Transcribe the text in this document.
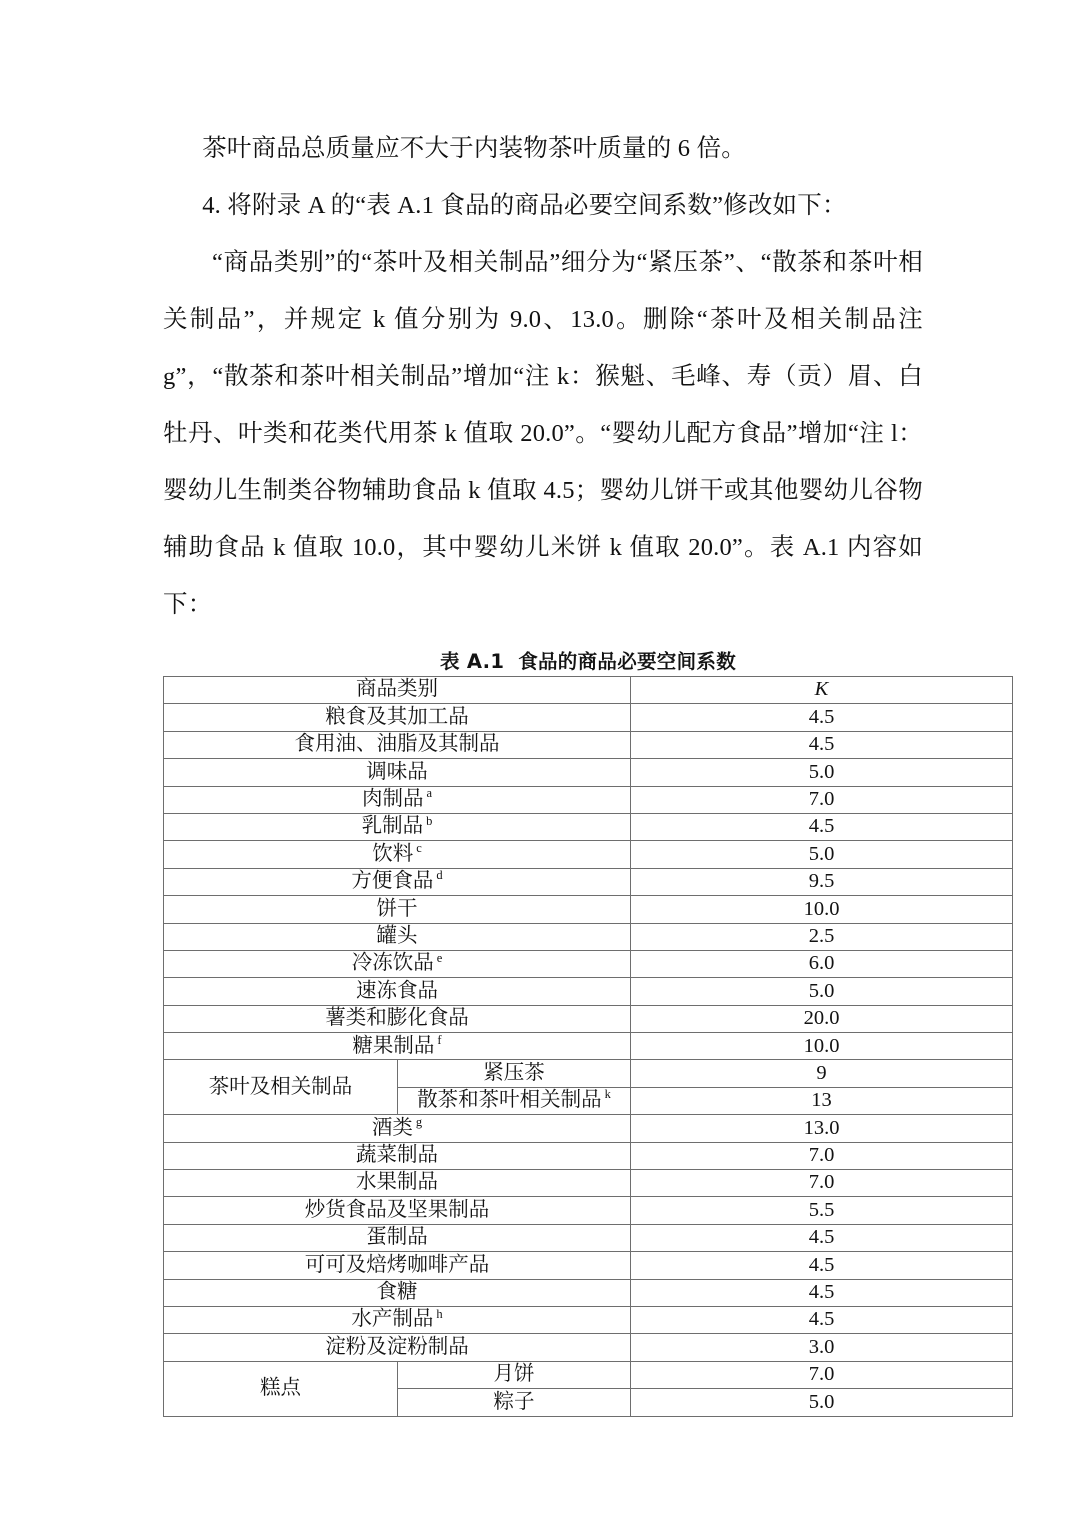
茶叶商品总质量应不大于内装物茶叶质量的 6 倍。

4. 将附录 A 的“表 A.1 食品的商品必要空间系数”修改如下：

“商品类别”的“茶叶及相关制品”细分为“紧压茶”、“散茶和茶叶相关制品”，并规定 k 值分别为 9.0、13.0。删除“茶叶及相关制品注 g”，“散茶和茶叶相关制品”增加“注 k：猴魁、毛峰、寿（贡）眉、白牡丹、叶类和花类代用茶 k 值取 20.0”。“婴幼儿配方食品”增加“注 l：婴幼儿生制类谷物辅助食品 k 值取 4.5；婴幼儿饼干或其他婴幼儿谷物辅助食品 k 值取 10.0，其中婴幼儿米饼 k 值取 20.0”。表 A.1 内容如下：

表 A.1 食品的商品必要空间系数
商品类别		K
粮食及其加工品		4.5
食用油、油脂及其制品		4.5
调味品		5.0
肉制品 $^a$		7.0
乳制品 $^b$		4.5
饮料 $^c$		5.0
方便食品 $^d$		9.5
饼干		10.0
罐头		2.5
冷冻饮品 $^e$		6.0
速冻食品		5.0
薯类和膨化食品		20.0
糖果制品 $^f$		10.0
茶叶及相关制品	紧压茶	9
	散茶和茶叶相关制品 $^k$	13
酒类 $^g$		13.0
蔬菜制品		7.0
水果制品		7.0
炒货食品及坚果制品		5.5
蛋制品		4.5
可可及焙烤咖啡产品		4.5
食糖		4.5
水产制品 $^h$		4.5
淀粉及淀粉制品		3.0
糕点	月饼	7.0
	粽子	5.0
